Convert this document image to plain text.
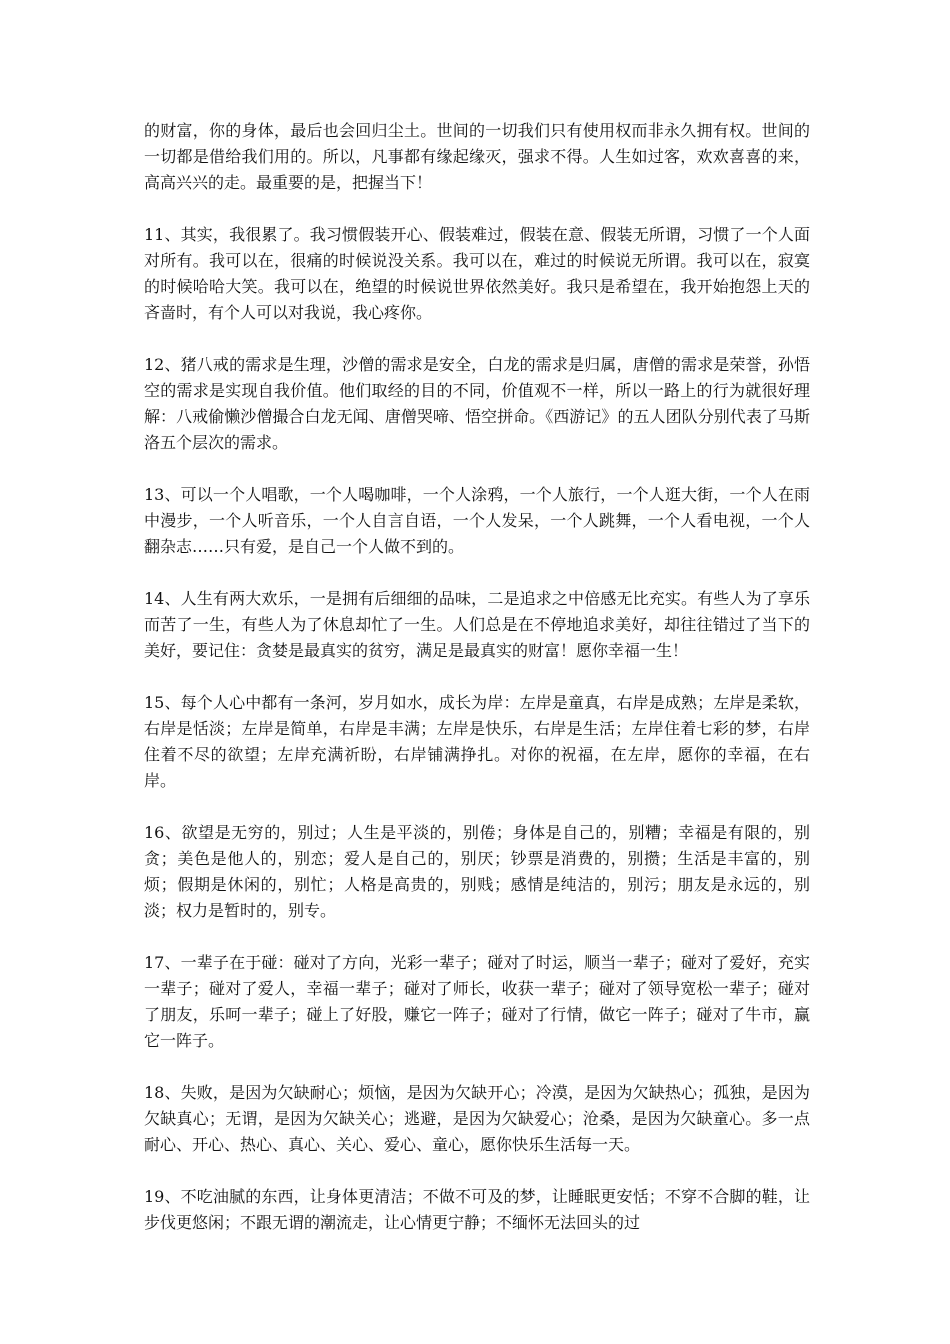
的财富，你的身体，最后也会回归尘土。世间的一切我们只有使用权而非永久拥有权。世间的一切都是借给我们用的。所以，凡事都有缘起缘灭，强求不得。人生如过客，欢欢喜喜的来，高高兴兴的走。最重要的是，把握当下！

11、其实，我很累了。我习惯假装开心、假装难过，假装在意、假装无所谓，习惯了一个人面对所有。我可以在，很痛的时候说没关系。我可以在，难过的时候说无所谓。我可以在，寂寞的时候哈哈大笑。我可以在，绝望的时候说世界依然美好。我只是希望在，我开始抱怨上天的吝啬时，有个人可以对我说，我心疼你。

12、猪八戒的需求是生理，沙僧的需求是安全，白龙的需求是归属，唐僧的需求是荣誉，孙悟空的需求是实现自我价值。他们取经的目的不同，价值观不一样，所以一路上的行为就很好理解：八戒偷懒沙僧撮合白龙无闻、唐僧哭啼、悟空拼命。《西游记》的五人团队分别代表了马斯洛五个层次的需求。

13、可以一个人唱歌，一个人喝咖啡，一个人涂鸦，一个人旅行，一个人逛大街，一个人在雨中漫步，一个人听音乐，一个人自言自语，一个人发呆，一个人跳舞，一个人看电视，一个人翻杂志……只有爱，是自己一个人做不到的。

14、人生有两大欢乐，一是拥有后细细的品味，二是追求之中倍感无比充实。有些人为了享乐而苦了一生，有些人为了休息却忙了一生。人们总是在不停地追求美好，却往往错过了当下的美好，要记住：贪婪是最真实的贫穷，满足是最真实的财富！愿你幸福一生！

15、每个人心中都有一条河，岁月如水，成长为岸：左岸是童真，右岸是成熟；左岸是柔软，右岸是恬淡；左岸是简单，右岸是丰满；左岸是快乐，右岸是生活；左岸住着七彩的梦，右岸住着不尽的欲望；左岸充满祈盼，右岸铺满挣扎。对你的祝福，在左岸，愿你的幸福，在右岸。

16、欲望是无穷的，别过；人生是平淡的，别倦；身体是自己的，别糟；幸福是有限的，别贪；美色是他人的，别恋；爱人是自己的，别厌；钞票是消费的，别攒；生活是丰富的，别烦；假期是休闲的，别忙；人格是高贵的，别贱；感情是纯洁的，别污；朋友是永远的，别淡；权力是暂时的，别专。

17、一辈子在于碰：碰对了方向，光彩一辈子；碰对了时运，顺当一辈子；碰对了爱好，充实一辈子；碰对了爱人，幸福一辈子；碰对了师长，收获一辈子；碰对了领导宽松一辈子；碰对了朋友，乐呵一辈子；碰上了好股，赚它一阵子；碰对了行情，做它一阵子；碰对了牛市，赢它一阵子。

18、失败，是因为欠缺耐心；烦恼，是因为欠缺开心；冷漠，是因为欠缺热心；孤独，是因为欠缺真心；无谓，是因为欠缺关心；逃避，是因为欠缺爱心；沧桑，是因为欠缺童心。多一点耐心、开心、热心、真心、关心、爱心、童心，愿你快乐生活每一天。

19、不吃油腻的东西，让身体更清洁；不做不可及的梦，让睡眠更安恬；不穿不合脚的鞋，让步伐更悠闲；不跟无谓的潮流走，让心情更宁静；不缅怀无法回头的过
